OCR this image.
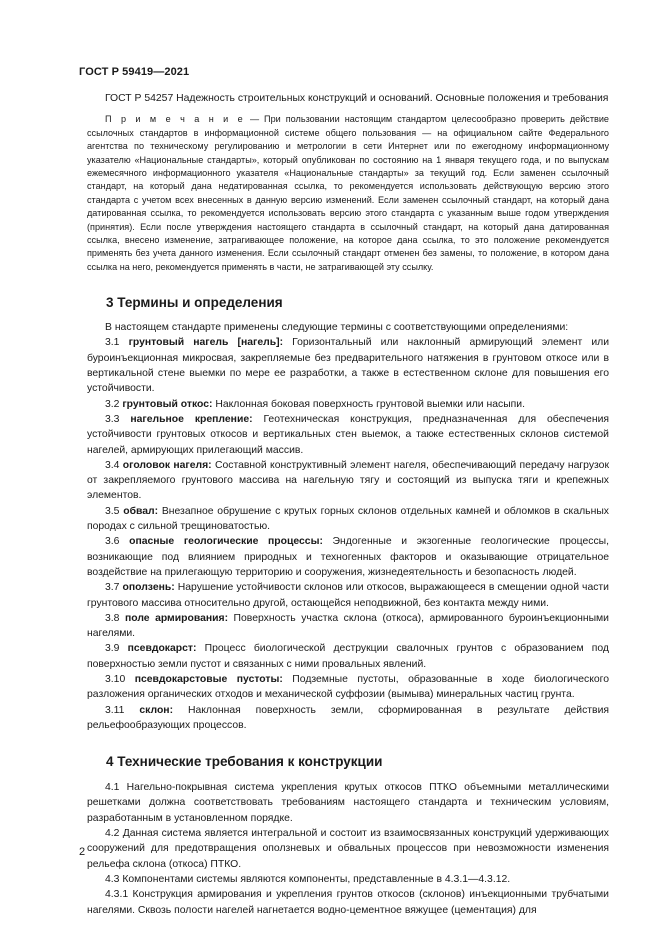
ГОСТ Р 59419—2021

ГОСТ Р 54257 Надежность строительных конструкций и оснований. Основные положения и требования

П р и м е ч а н и е — При пользовании настоящим стандартом целесообразно проверить действие ссылочных стандартов в информационной системе общего пользования — на официальном сайте Федерального агентства по техническому регулированию и метрологии в сети Интернет или по ежегодному информационному указателю «Национальные стандарты», который опубликован по состоянию на 1 января текущего года, и по выпускам ежемесячного информационного указателя «Национальные стандарты» за текущий год. Если заменен ссылочный стандарт, на который дана недатированная ссылка, то рекомендуется использовать действующую версию этого стандарта с учетом всех внесенных в данную версию изменений. Если заменен ссылочный стандарт, на который дана датированная ссылка, то рекомендуется использовать версию этого стандарта с указанным выше годом утверждения (принятия). Если после утверждения настоящего стандарта в ссылочный стандарт, на который дана датированная ссылка, внесено изменение, затрагивающее положение, на которое дана ссылка, то это положение рекомендуется применять без учета данного изменения. Если ссылочный стандарт отменен без замены, то положение, в котором дана ссылка на него, рекомендуется применять в части, не затрагивающей эту ссылку.

3 Термины и определения

В настоящем стандарте применены следующие термины с соответствующими определениями:

3.1 грунтовый нагель [нагель]: Горизонтальный или наклонный армирующий элемент или буроинъекционная микросвая, закрепляемые без предварительного натяжения в грунтовом откосе или в вертикальной стене выемки по мере ее разработки, а также в естественном склоне для повышения его устойчивости.

3.2 грунтовый откос: Наклонная боковая поверхность грунтовой выемки или насыпи.

3.3 нагельное крепление: Геотехническая конструкция, предназначенная для обеспечения устойчивости грунтовых откосов и вертикальных стен выемок, а также естественных склонов системой нагелей, армирующих прилегающий массив.

3.4 оголовок нагеля: Составной конструктивный элемент нагеля, обеспечивающий передачу нагрузок от закрепляемого грунтового массива на нагельную тягу и состоящий из выпуска тяги и крепежных элементов.

3.5 обвал: Внезапное обрушение с крутых горных склонов отдельных камней и обломков в скальных породах с сильной трещиноватостью.

3.6 опасные геологические процессы: Эндогенные и экзогенные геологические процессы, возникающие под влиянием природных и техногенных факторов и оказывающие отрицательное воздействие на прилегающую территорию и сооружения, жизнедеятельность и безопасность людей.

3.7 оползень: Нарушение устойчивости склонов или откосов, выражающееся в смещении одной части грунтового массива относительно другой, остающейся неподвижной, без контакта между ними.

3.8 поле армирования: Поверхность участка склона (откоса), армированного буроинъекционными нагелями.

3.9 псевдокарст: Процесс биологической деструкции свалочных грунтов с образованием под поверхностью земли пустот и связанных с ними провальных явлений.

3.10 псевдокарстовые пустоты: Подземные пустоты, образованные в ходе биологического разложения органических отходов и механической суффозии (вымыва) минеральных частиц грунта.

3.11 склон: Наклонная поверхность земли, сформированная в результате действия рельефообразующих процессов.

4 Технические требования к конструкции

4.1 Нагельно-покрывная система укрепления крутых откосов ПТКО объемными металлическими решетками должна соответствовать требованиям настоящего стандарта и техническим условиям, разработанным в установленном порядке.

4.2 Данная система является интегральной и состоит из взаимосвязанных конструкций удерживающих сооружений для предотвращения оползневых и обвальных процессов при невозможности изменения рельефа склона (откоса) ПТКО.

4.3 Компонентами системы являются компоненты, представленные в 4.3.1—4.3.12.

4.3.1 Конструкция армирования и укрепления грунтов откосов (склонов) инъекционными трубчатыми нагелями. Сквозь полости нагелей нагнетается водно-цементное вяжущее (цементация) для

2
